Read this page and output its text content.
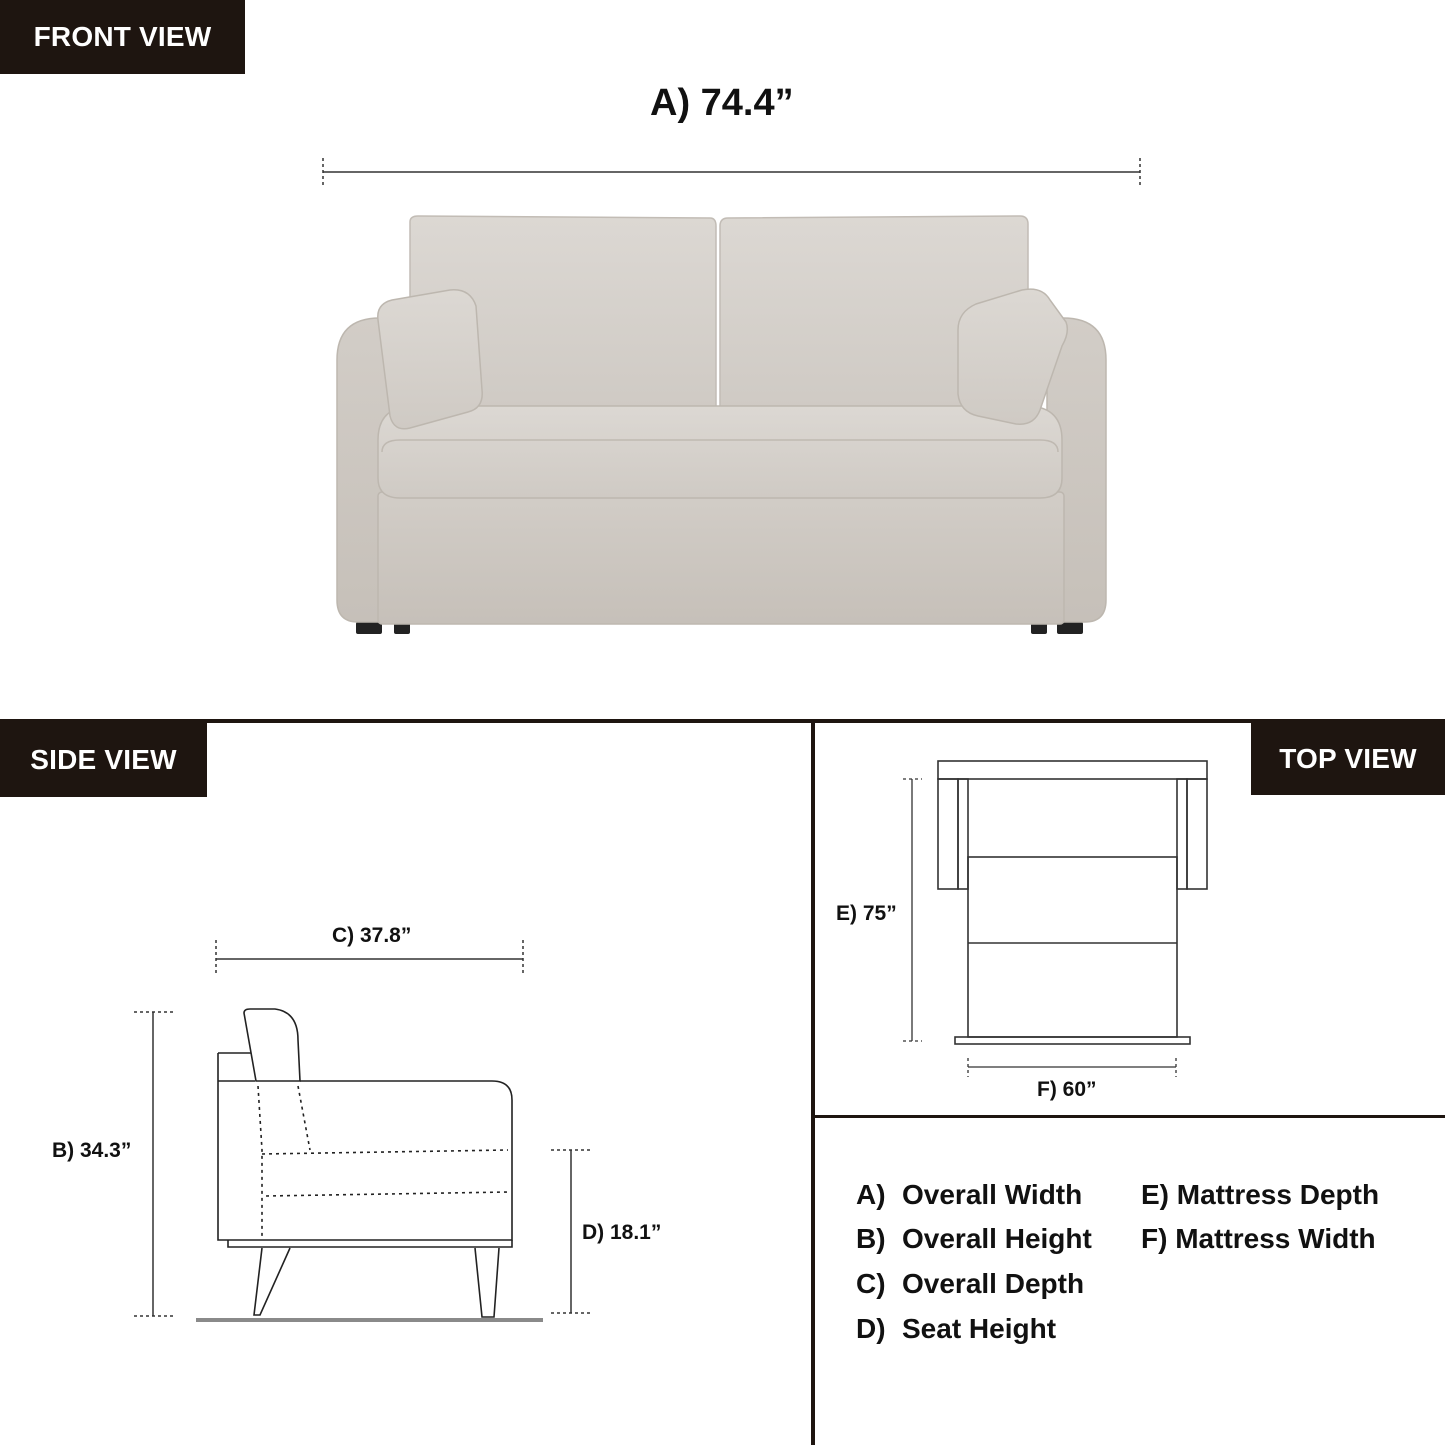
FRONT VIEW
SIDE VIEW	TOP VIEW
A) 74.4”
C) 37.8”
B) 34.3”
D) 18.1”
E) 75”
F) 60”
A) Overall Width
B) Overall Height
C) Overall Depth
D) Seat Height
E) Mattress Depth
F) Mattress Width
